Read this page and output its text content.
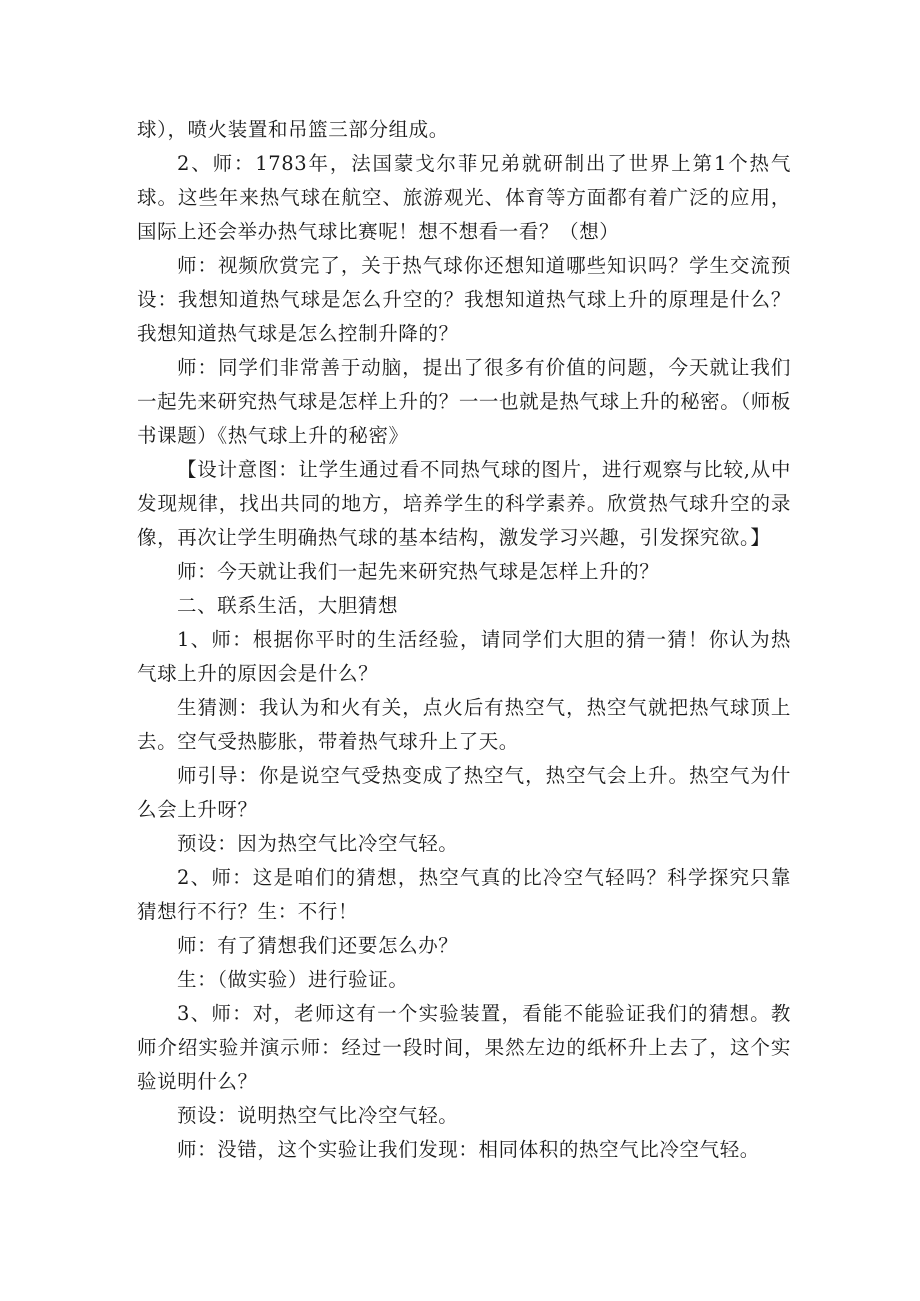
球），喷火装置和吊篮三部分组成。

2、师：1783年，法国蒙戈尔菲兄弟就研制出了世界上第1个热气球。这些年来热气球在航空、旅游观光、体育等方面都有着广泛的应用，国际上还会举办热气球比赛呢！想不想看一看？（想）

师：视频欣赏完了，关于热气球你还想知道哪些知识吗？学生交流预设：我想知道热气球是怎么升空的？我想知道热气球上升的原理是什么？我想知道热气球是怎么控制升降的？

师：同学们非常善于动脑，提出了很多有价值的问题，今天就让我们一起先来研究热气球是怎样上升的？一一也就是热气球上升的秘密。（师板书课题）《热气球上升的秘密》

【设计意图：让学生通过看不同热气球的图片，进行观察与比较,从中发现规律，找出共同的地方，培养学生的科学素养。欣赏热气球升空的录像，再次让学生明确热气球的基本结构，激发学习兴趣，引发探究欲。】

师：今天就让我们一起先来研究热气球是怎样上升的？

二、联系生活，大胆猜想

1、师：根据你平时的生活经验，请同学们大胆的猜一猜！你认为热气球上升的原因会是什么？

生猜测：我认为和火有关，点火后有热空气，热空气就把热气球顶上去。空气受热膨胀，带着热气球升上了天。

师引导：你是说空气受热变成了热空气，热空气会上升。热空气为什么会上升呀？

预设：因为热空气比冷空气轻。

2、师：这是咱们的猜想，热空气真的比冷空气轻吗？科学探究只靠猜想行不行？生：不行！

师：有了猜想我们还要怎么办？

生：（做实验）进行验证。

3、师：对，老师这有一个实验装置，看能不能验证我们的猜想。教师介绍实验并演示师：经过一段时间，果然左边的纸杯升上去了，这个实验说明什么？

预设：说明热空气比冷空气轻。

师：没错，这个实验让我们发现：相同体积的热空气比冷空气轻。
